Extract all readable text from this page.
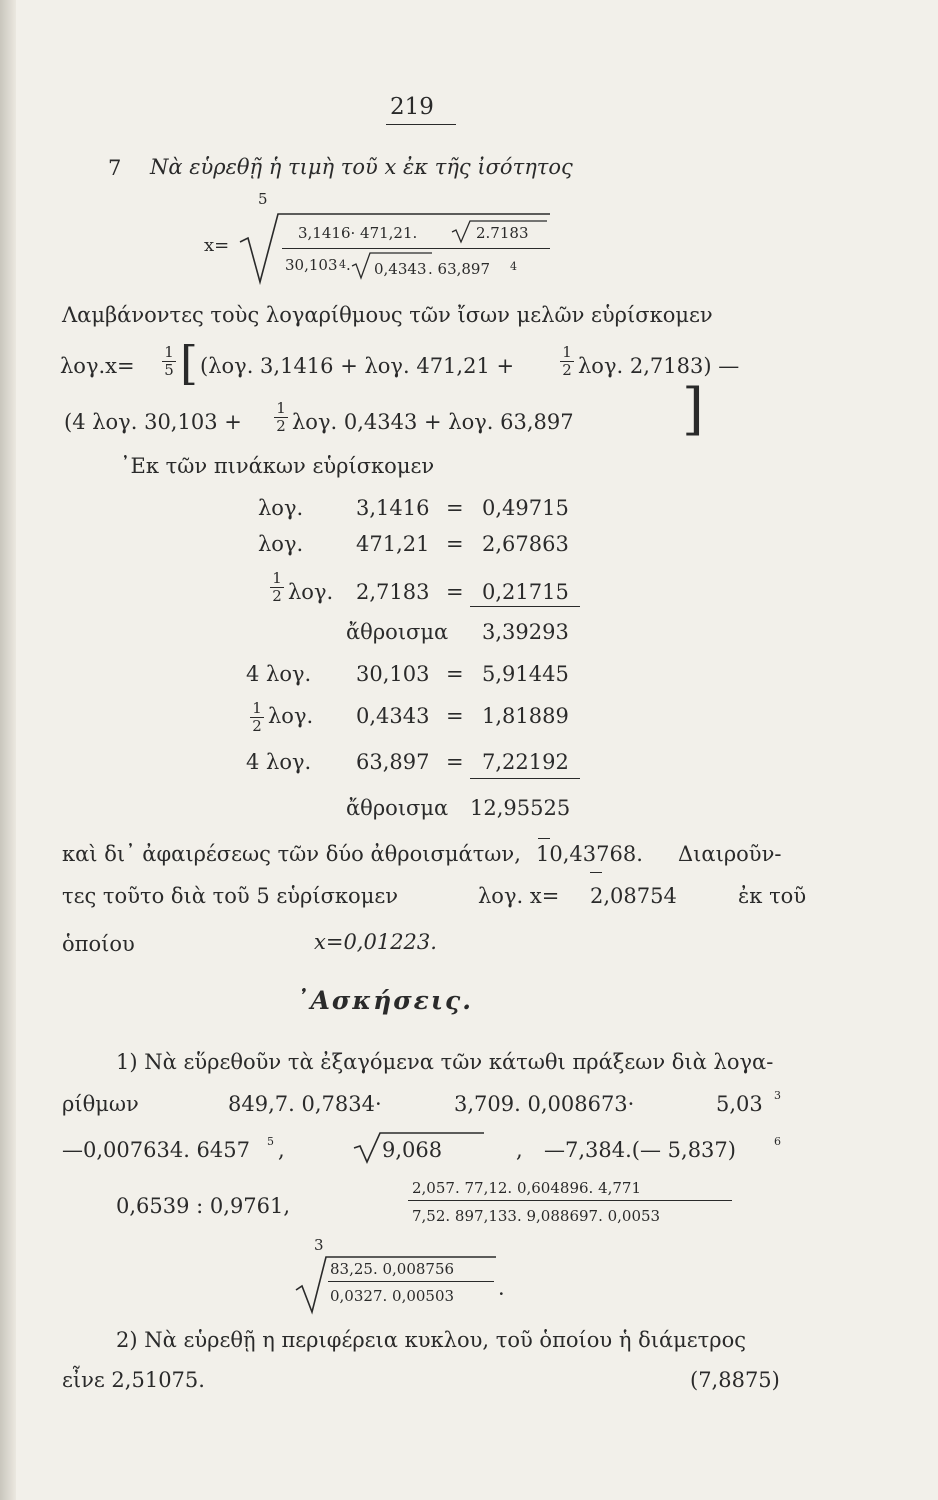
219
7 Νὰ εὑρεθῇ ἡ τιμὴ τοῦ x ἐκ τῆς ἰσότητος
5
x=
3,1416· 471,21.	2.7183
30,103 4 . 0,4343 . 63,897 4
Λαμβάνοντες τοὺς λογαρίθμους τῶν ἴσων μελῶν εὑρίσκομεν
$\lambda o\gamma.x= \frac{1}{5}$ [ (λογ. 3,1416 + λογ. 471,21 +	$\frac{1}{2} \lambda o\gamma$. 2,7183) —
(4 λογ. $30,103 + \frac{1}{2} \lambda o\gamma$. 0,4343 + λογ. 63,897 ]
᾿Εκ τῶν πινάκων εὑρίσκομεν
λογ.	3,1416 = 0,49715
λογ.	471,21 = 2,67863
$\frac{1}{2} \lambda o\gamma$. 2,7183 = 0,21715
ἄθροισμα 3,39293
4 λογ. 30,103 = 5,91445
$\frac{1}{2} \lambda o\gamma$. 0,4343 = 1,81889
4 λογ. 63,897 = 7,22192
ἄθροισμα 12,95525
καὶ δι᾿ ἀφαιρέσεως τῶν δύο ἀθροισμάτων, 10,43768. Διαιροῦν-
τες τοῦτο διὰ τοῦ 5 εὑρίσκομεν	λογ. x= 2,08754	ἐκ τοῦ
ὁποίου	x=0,01223.
᾿Ασκήσεις.
1) Νὰ εὕρεθοῦν τὰ ἐξαγόμενα τῶν κάτωθι πράξεων διὰ λογα-
ρίθμων	849,7. 0,7834·	3,709. 0,008673·	5,03 3
—0,007634. 6457 5 ,	9,068	, —7,384.(— 5,837)	6
0,6539 : 0,9761,
2,057. 77,12. 0,604896. 4,771
7,52. 897,133. 9,088697. 0,0053
3
83,25. 0,008756
0,0327. 0,00503 ·
2) Νὰ εὑρεθῇ η περιφέρεια κυκλου, τοῦ ὁποίου ἡ διάμετρος
εἶνε 2,51075.	(7,8875)
